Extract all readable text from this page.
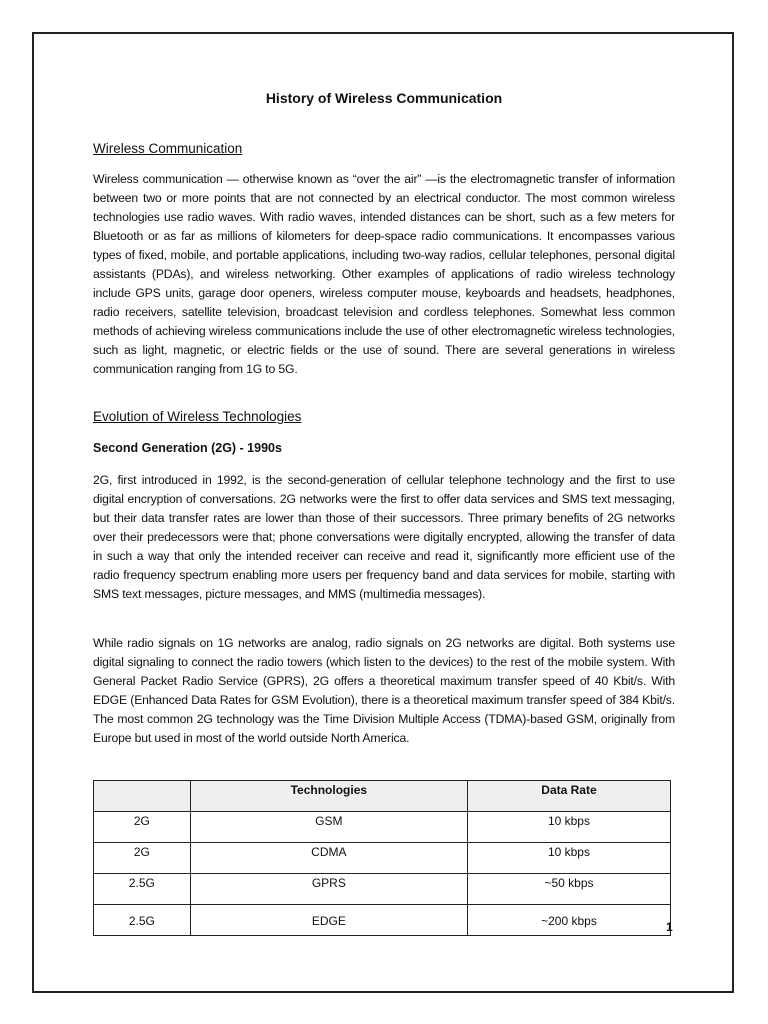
History of Wireless Communication
Wireless Communication
Wireless communication — otherwise known as “over the air” —is the electromagnetic transfer of information between two or more points that are not connected by an electrical conductor. The most common wireless technologies use radio waves. With radio waves, intended distances can be short, such as a few meters for Bluetooth or as far as millions of kilometers for deep-space radio communications. It encompasses various types of fixed, mobile, and portable applications, including two-way radios, cellular telephones, personal digital assistants (PDAs), and wireless networking. Other examples of applications of radio wireless technology include GPS units, garage door openers, wireless computer mouse, keyboards and headsets, headphones, radio receivers, satellite television, broadcast television and cordless telephones. Somewhat less common methods of achieving wireless communications include the use of other electromagnetic wireless technologies, such as light, magnetic, or electric fields or the use of sound. There are several generations in wireless communication ranging from 1G to 5G.
Evolution of Wireless Technologies
Second Generation (2G) - 1990s
2G, first introduced in 1992, is the second-generation of cellular telephone technology and the first to use digital encryption of conversations. 2G networks were the first to offer data services and SMS text messaging, but their data transfer rates are lower than those of their successors. Three primary benefits of 2G networks over their predecessors were that; phone conversations were digitally encrypted, allowing the transfer of data in such a way that only the intended receiver can receive and read it, significantly more efficient use of the radio frequency spectrum enabling more users per frequency band and data services for mobile, starting with SMS text messages, picture messages, and MMS (multimedia messages).
While radio signals on 1G networks are analog, radio signals on 2G networks are digital. Both systems use digital signaling to connect the radio towers (which listen to the devices) to the rest of the mobile system. With General Packet Radio Service (GPRS), 2G offers a theoretical maximum transfer speed of 40 Kbit/s. With EDGE (Enhanced Data Rates for GSM Evolution), there is a theoretical maximum transfer speed of 384 Kbit/s. The most common 2G technology was the Time Division Multiple Access (TDMA)-based GSM, originally from Europe but used in most of the world outside North America.
	Technologies	Data Rate
2G	GSM	10 kbps
2G	CDMA	10 kbps
2.5G	GPRS	~50 kbps
2.5G	EDGE	~200 kbps	1
